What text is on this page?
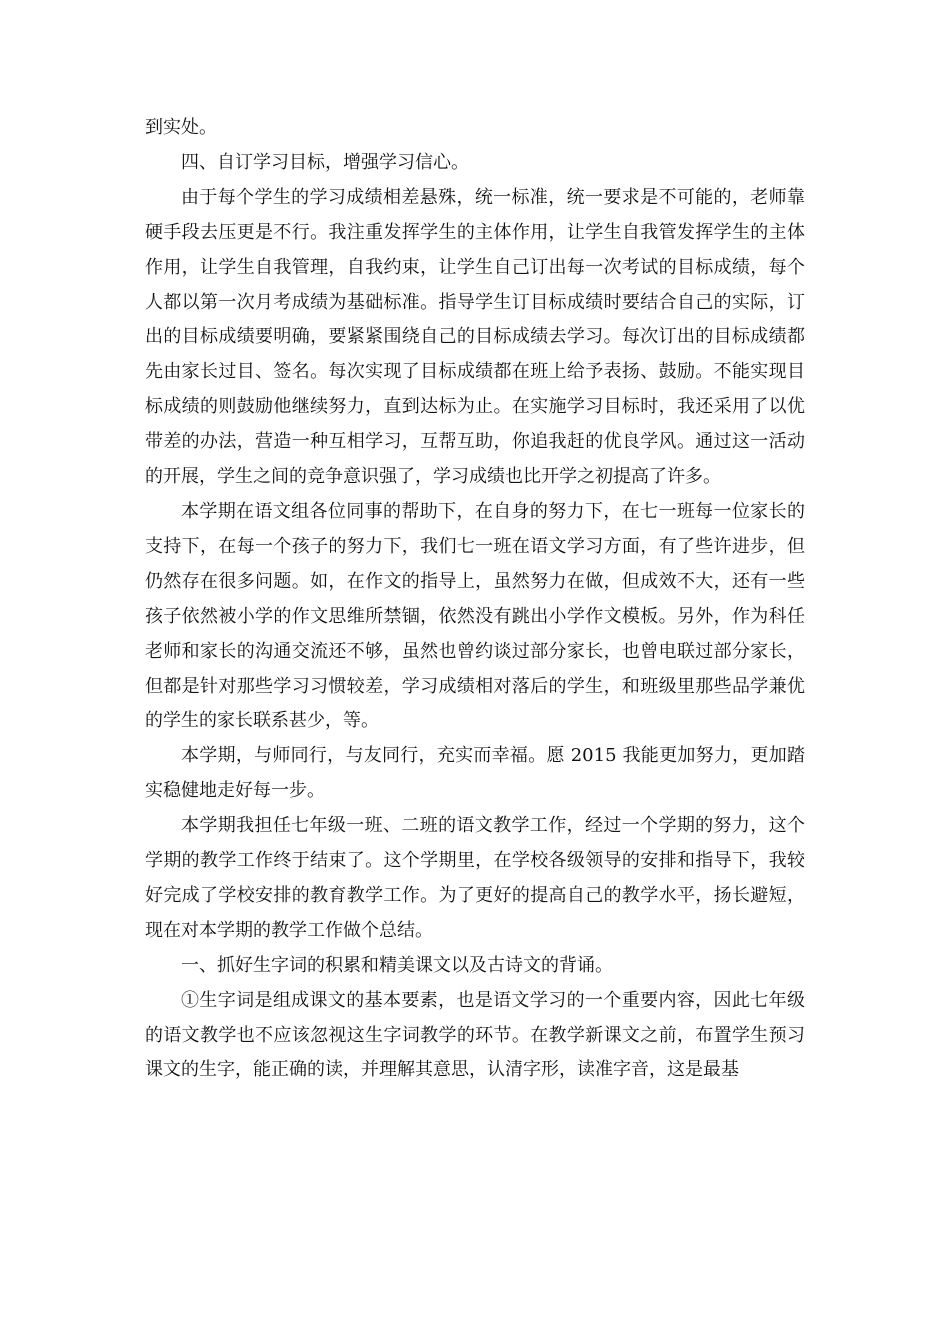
到实处。

四、自订学习目标，增强学习信心。

由于每个学生的学习成绩相差悬殊，统一标准，统一要求是不可能的，老师靠硬手段去压更是不行。我注重发挥学生的主体作用，让学生自我管发挥学生的主体作用，让学生自我管理，自我约束，让学生自己订出每一次考试的目标成绩，每个人都以第一次月考成绩为基础标准。指导学生订目标成绩时要结合自己的实际，订出的目标成绩要明确，要紧紧围绕自己的目标成绩去学习。每次订出的目标成绩都先由家长过目、签名。每次实现了目标成绩都在班上给予表扬、鼓励。不能实现目标成绩的则鼓励他继续努力，直到达标为止。在实施学习目标时，我还采用了以优带差的办法，营造一种互相学习，互帮互助，你追我赶的优良学风。通过这一活动的开展，学生之间的竞争意识强了，学习成绩也比开学之初提高了许多。

本学期在语文组各位同事的帮助下，在自身的努力下，在七一班每一位家长的支持下，在每一个孩子的努力下，我们七一班在语文学习方面，有了些许进步，但仍然存在很多问题。如，在作文的指导上，虽然努力在做，但成效不大，还有一些孩子依然被小学的作文思维所禁锢，依然没有跳出小学作文模板。另外，作为科任老师和家长的沟通交流还不够，虽然也曾约谈过部分家长，也曾电联过部分家长，但都是针对那些学习习惯较差，学习成绩相对落后的学生，和班级里那些品学兼优的学生的家长联系甚少，等。

本学期，与师同行，与友同行，充实而幸福。愿 2015 我能更加努力，更加踏实稳健地走好每一步。

本学期我担任七年级一班、二班的语文教学工作，经过一个学期的努力，这个学期的教学工作终于结束了。这个学期里，在学校各级领导的安排和指导下，我较好完成了学校安排的教育教学工作。为了更好的提高自己的教学水平，扬长避短，现在对本学期的教学工作做个总结。

一、抓好生字词的积累和精美课文以及古诗文的背诵。

①生字词是组成课文的基本要素，也是语文学习的一个重要内容，因此七年级的语文教学也不应该忽视这生字词教学的环节。在教学新课文之前，布置学生预习课文的生字，能正确的读，并理解其意思，认清字形，读准字音，这是最基
